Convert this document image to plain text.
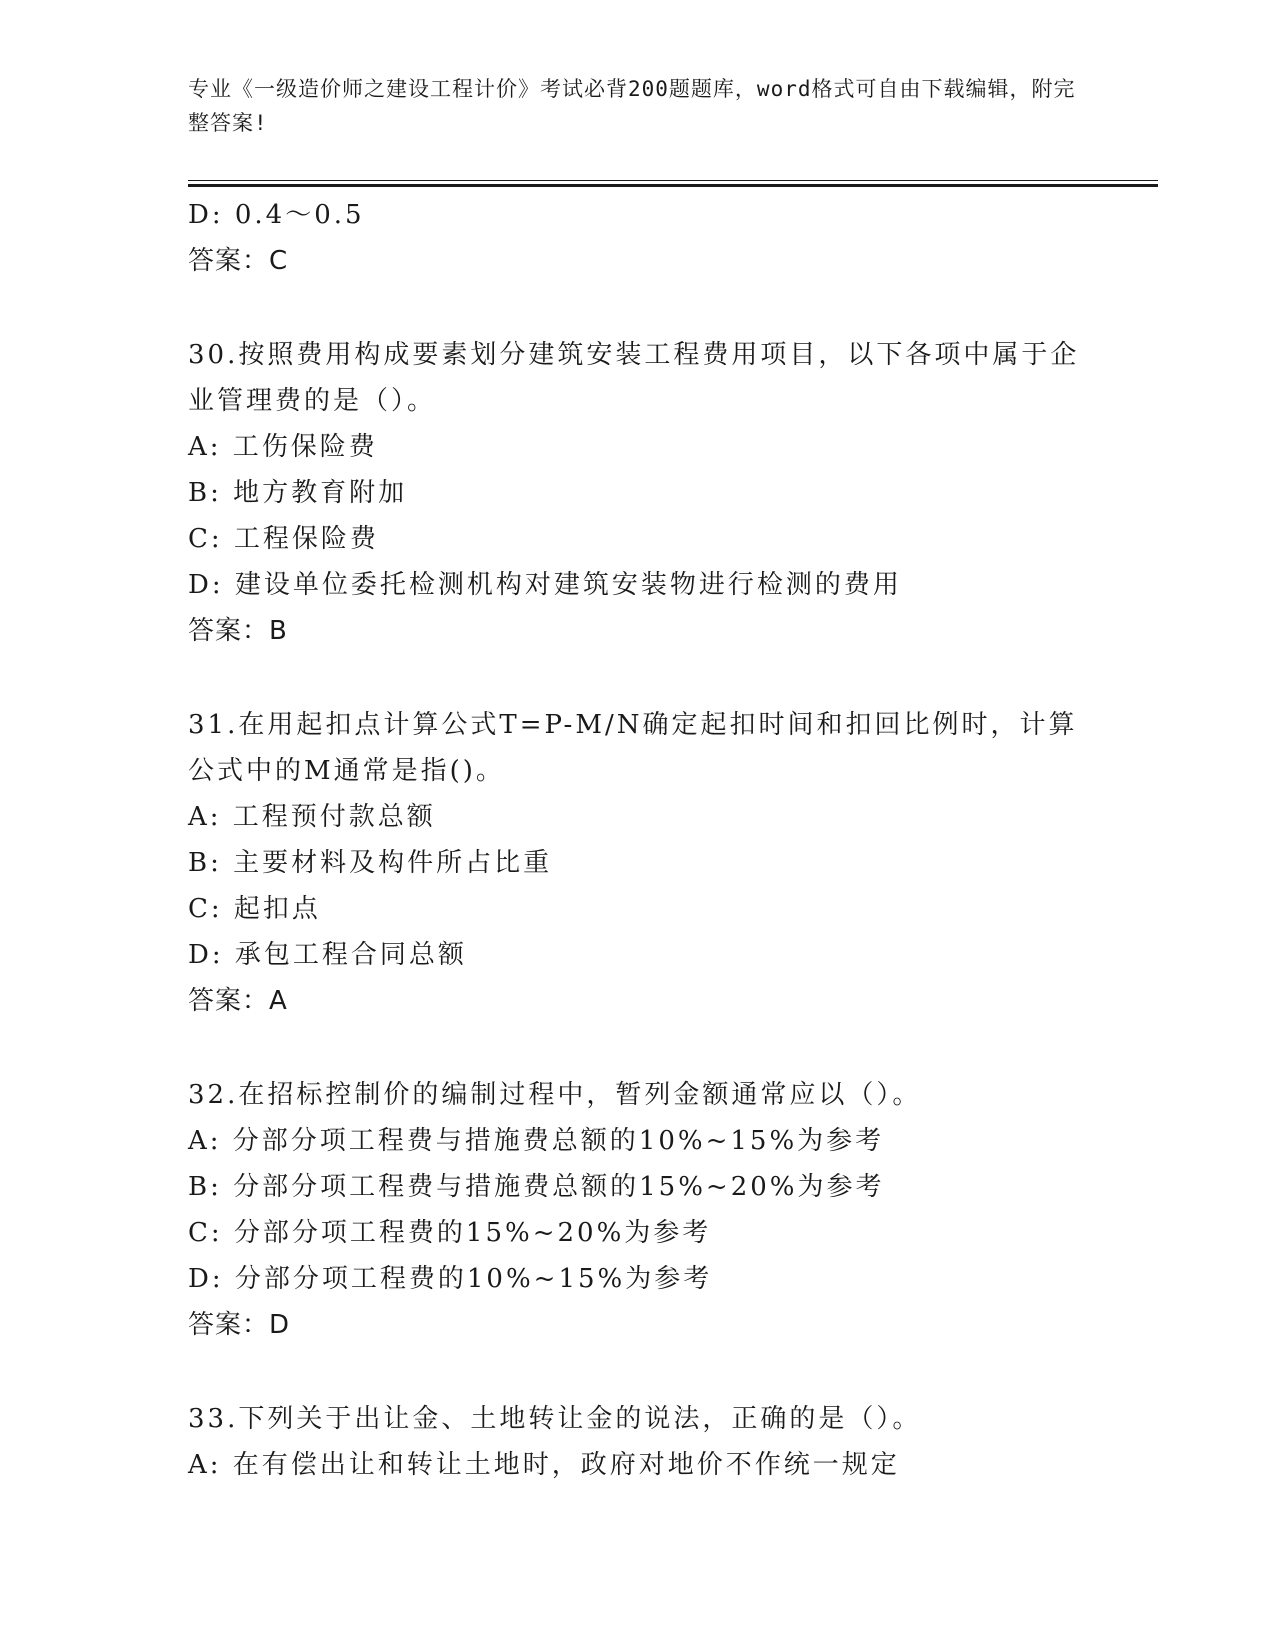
专业《一级造价师之建设工程计价》考试必背200题题库，word格式可自由下载编辑，附完整答案!
D: 0.4～0.5
答案：C
30.按照费用构成要素划分建筑安装工程费用项目，以下各项中属于企业管理费的是（）。
A: 工伤保险费
B: 地方教育附加
C: 工程保险费
D: 建设单位委托检测机构对建筑安装物进行检测的费用
答案：B
31.在用起扣点计算公式T=P-M/N确定起扣时间和扣回比例时，计算公式中的M通常是指()。
A: 工程预付款总额
B: 主要材料及构件所占比重
C: 起扣点
D: 承包工程合同总额
答案：A
32.在招标控制价的编制过程中，暂列金额通常应以（）。
A: 分部分项工程费与措施费总额的10%~15%为参考
B: 分部分项工程费与措施费总额的15%~20%为参考
C: 分部分项工程费的15%~20%为参考
D: 分部分项工程费的10%~15%为参考
答案：D
33.下列关于出让金、土地转让金的说法，正确的是（）。
A: 在有偿出让和转让土地时，政府对地价不作统一规定
